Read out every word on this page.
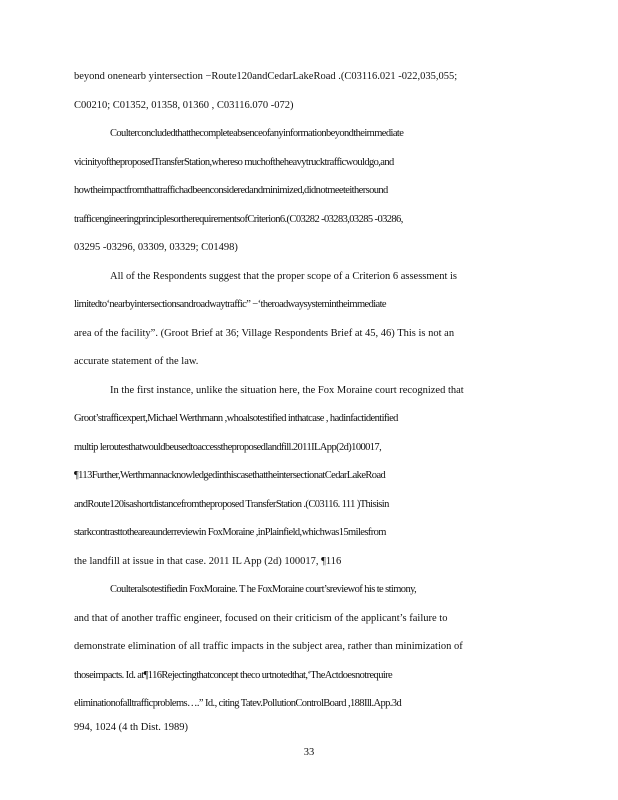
beyond onenearb yintersection −Route120andCedarLakeRoad .(C03116.021 -022,035,055;
C00210; C01352, 01358, 01360 , C03116.070 -072)
Coulterconcludedthatthecompleteabsenceofanyinformationbeyondtheimmediate
vicinityoftheproposedTransferStation,whereso muchoftheheavytrucktrafficwouldgo,and
howtheimpactfromthattraffichadbeenconsideredandminimized,didnotmeeteithersound
trafficengineeringprinciplesortherequirementsofCriterion6.(C03282 -03283,03285 -03286,
03295 -03296, 03309, 03329; C01498)
All of the Respondents suggest that the proper scope of a Criterion 6 assessment is
limitedto‘nearbyintersectionsandroadwaytraffic” −‘theroadwaysystemintheimmediate
area of the facility”. (Groot Brief at 36; Village Respondents Brief at 45, 46) This is not an
accurate statement of the law.
In the first instance, unlike the situation here, the Fox Moraine court recognized that
Groot’strafficexpert,Michael Werthmann ,whoalsotestified inthatcase , hadinfactidentified
multip leroutesthatwouldbeusedtoaccesstheproposedlandfill.2011ILApp(2d)100017,
¶113Further,WerthmannacknowledgedinthiscasethattheintersectionatCedarLakeRoad
andRoute120isashortdistancefromtheproposed TransferStation .(C03116. 111 )Thisisin
starkcontrasttotheareaunderreviewin FoxMoraine ,inPlainfield,whichwas15milesfrom
the landfill at issue in that case. 2011 IL App (2d) 100017, ¶116
Coulteralsotestifiedin FoxMoraine. T he FoxMoraine court’sreviewof his te stimony,
and that of another traffic engineer, focused on their criticism of the applicant’s failure to
demonstrate elimination of all traffic impacts in the subject area, rather than minimization of
thoseimpacts. Id. at¶116Rejectingthatconcept theco urtnotedthat,‘TheActdoesnotrequire
eliminationofalltrafficproblems….” Id., citing Tatev.PollutionControlBoard ,188Ill.App.3d
994, 1024 (4 th Dist. 1989)
33
